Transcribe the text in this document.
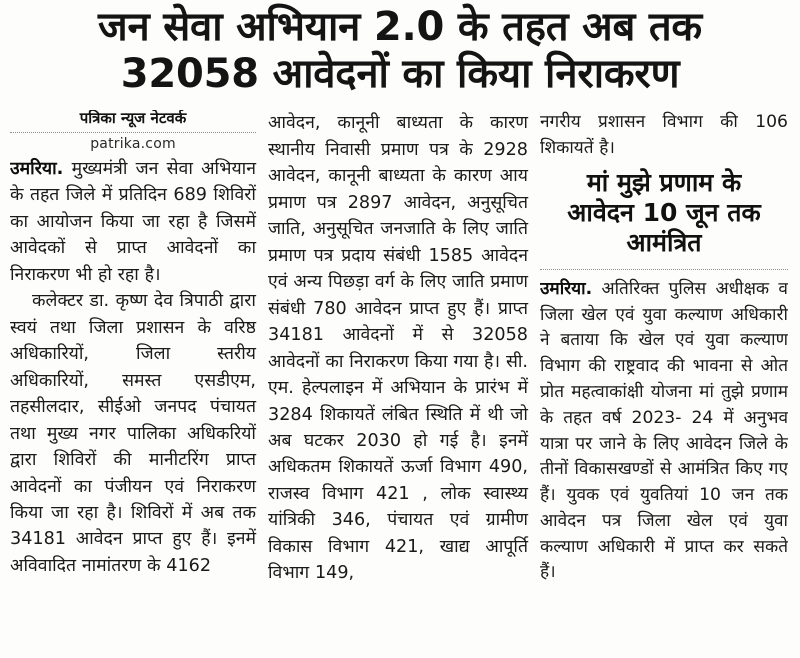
जन सेवा अभियान 2.0 के तहत अब तक
32058 आवेदनों का किया निराकरण
पत्रिका न्यूज नेटवर्क
patrika.com

उमरिया. मुख्यमंत्री जन सेवा अभियान के तहत जिले में प्रतिदिन 689 शिविरों का आयोजन किया जा रहा है जिसमें आवेदकों से प्राप्त आवेदनों का निराकरण भी हो रहा है।

कलेक्टर डा. कृष्ण देव त्रिपाठी द्वारा स्वयं तथा जिला प्रशासन के वरिष्ठ अधिकारियों, जिला स्तरीय अधिकारियों, समस्त एसडीएम, तहसीलदार, सीईओ जनपद पंचायत तथा मुख्य नगर पालिका अधिकरियों द्वारा शिविरों की मानीटरिंग प्राप्त आवेदनों का पंजीयन एवं निराकरण किया जा रहा है। शिविरों में अब तक 34181 आवेदन प्राप्त हुए हैं। इनमें अविवादित नामांतरण के 4162

आवेदन, कानूनी बाध्यता के कारण स्थानीय निवासी प्रमाण पत्र के 2928 आवेदन, कानूनी बाध्यता के कारण आय प्रमाण पत्र 2897 आवेदन, अनुसूचित जाति, अनुसूचित जनजाति के लिए जाति प्रमाण पत्र प्रदाय संबंधी 1585 आवेदन एवं अन्य पिछड़ा वर्ग के लिए जाति प्रमाण संबंधी 780 आवेदन प्राप्त हुए हैं। प्राप्त 34181 आवेदनों में से 32058 आवेदनों का निराकरण किया गया है। सी. एम. हेल्पलाइन में अभियान के प्रारंभ में 3284 शिकायतें लंबित स्थिति में थी जो अब घटकर 2030 हो गई है। इनमें अधिकतम शिकायतें ऊर्जा विभाग 490, राजस्व विभाग 421 , लोक स्वास्थ्य यांत्रिकी 346, पंचायत एवं ग्रामीण विकास विभाग 421, खाद्य आपूर्ति विभाग 149,

नगरीय प्रशासन विभाग की 106 शिकायतें है।

मां मुझे प्रणाम के
आवेदन 10 जून तक
आमंत्रित

उमरिया. अतिरिक्त पुलिस अधीक्षक व जिला खेल एवं युवा कल्याण अधिकारी ने बताया कि खेल एवं युवा कल्याण विभाग की राष्ट्रवाद की भावना से ओत प्रोत महत्वाकांक्षी योजना मां तुझे प्रणाम के तहत वर्ष 2023- 24 में अनुभव यात्रा पर जाने के लिए आवेदन जिले के तीनों विकासखण्डों से आमंत्रित किए गए हैं। युवक एवं युवतियां 10 जन तक आवेदन पत्र जिला खेल एवं युवा कल्याण अधिकारी में प्राप्त कर सकते हैं।
